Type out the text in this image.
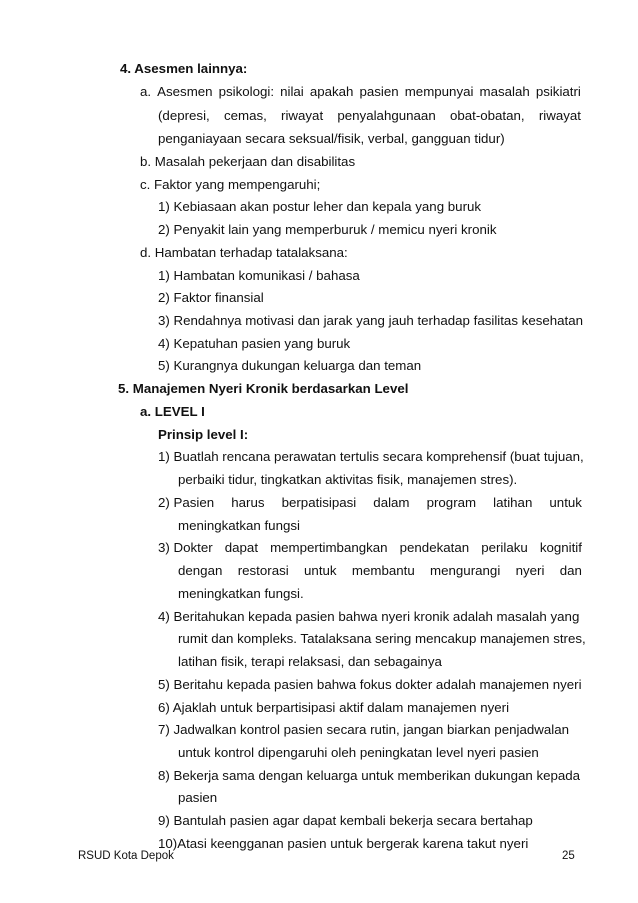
4. Asesmen lainnya:
a. Asesmen psikologi: nilai apakah pasien mempunyai masalah psikiatri
(depresi, cemas, riwayat penyalahgunaan obat-obatan, riwayat
penganiayaan secara seksual/fisik, verbal, gangguan tidur)
b. Masalah pekerjaan dan disabilitas
c. Faktor yang mempengaruhi;
1) Kebiasaan akan postur leher dan kepala yang buruk
2) Penyakit lain yang memperburuk / memicu nyeri kronik
d. Hambatan terhadap tatalaksana:
1) Hambatan komunikasi / bahasa
2) Faktor finansial
3) Rendahnya motivasi dan jarak yang jauh terhadap fasilitas kesehatan
4) Kepatuhan pasien yang buruk
5) Kurangnya dukungan keluarga dan teman
5. Manajemen Nyeri Kronik berdasarkan Level
a. LEVEL I
Prinsip level I:
1) Buatlah rencana perawatan tertulis secara komprehensif (buat tujuan,
perbaiki tidur, tingkatkan aktivitas fisik, manajemen stres).
2) Pasien harus berpatisipasi dalam program latihan untuk
meningkatkan fungsi
3) Dokter dapat mempertimbangkan pendekatan perilaku kognitif
dengan restorasi untuk membantu mengurangi nyeri dan
meningkatkan fungsi.
4) Beritahukan kepada pasien bahwa nyeri kronik adalah masalah yang
rumit dan kompleks. Tatalaksana sering mencakup manajemen stres,
latihan fisik, terapi relaksasi, dan sebagainya
5) Beritahu kepada pasien bahwa fokus dokter adalah manajemen nyeri
6) Ajaklah untuk berpartisipasi aktif dalam manajemen nyeri
7) Jadwalkan kontrol pasien secara rutin, jangan biarkan penjadwalan
untuk kontrol dipengaruhi oleh peningkatan level nyeri pasien
8) Bekerja sama dengan keluarga untuk memberikan dukungan kepada
pasien
9) Bantulah pasien agar dapat kembali bekerja secara bertahap
10)Atasi keengganan pasien untuk bergerak karena takut nyeri
RSUD Kota Depok	25
